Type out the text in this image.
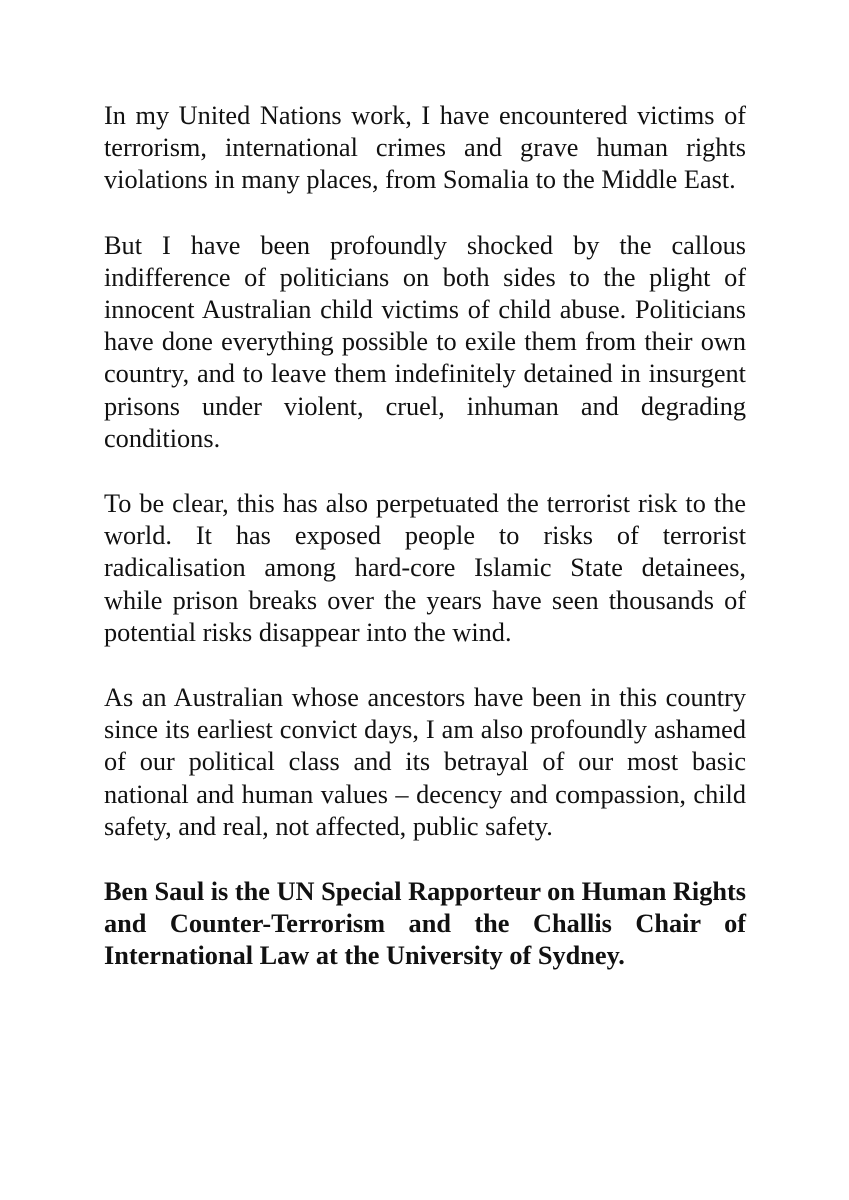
In my United Nations work, I have encountered victims of terrorism, international crimes and grave human rights violations in many places, from Somalia to the Middle East.

But I have been profoundly shocked by the callous indifference of politicians on both sides to the plight of innocent Australian child victims of child abuse. Politicians have done everything possible to exile them from their own country, and to leave them indefinitely detained in insurgent prisons under violent, cruel, inhuman and degrading conditions.

To be clear, this has also perpetuated the terrorist risk to the world. It has exposed people to risks of terrorist radicalisation among hard-core Islamic State detainees, while prison breaks over the years have seen thousands of potential risks disappear into the wind.

As an Australian whose ancestors have been in this country since its earliest convict days, I am also profoundly ashamed of our political class and its betrayal of our most basic national and human values – decency and compassion, child safety, and real, not affected, public safety.

Ben Saul is the UN Special Rapporteur on Human Rights and Counter-Terrorism and the Challis Chair of International Law at the University of Sydney.
